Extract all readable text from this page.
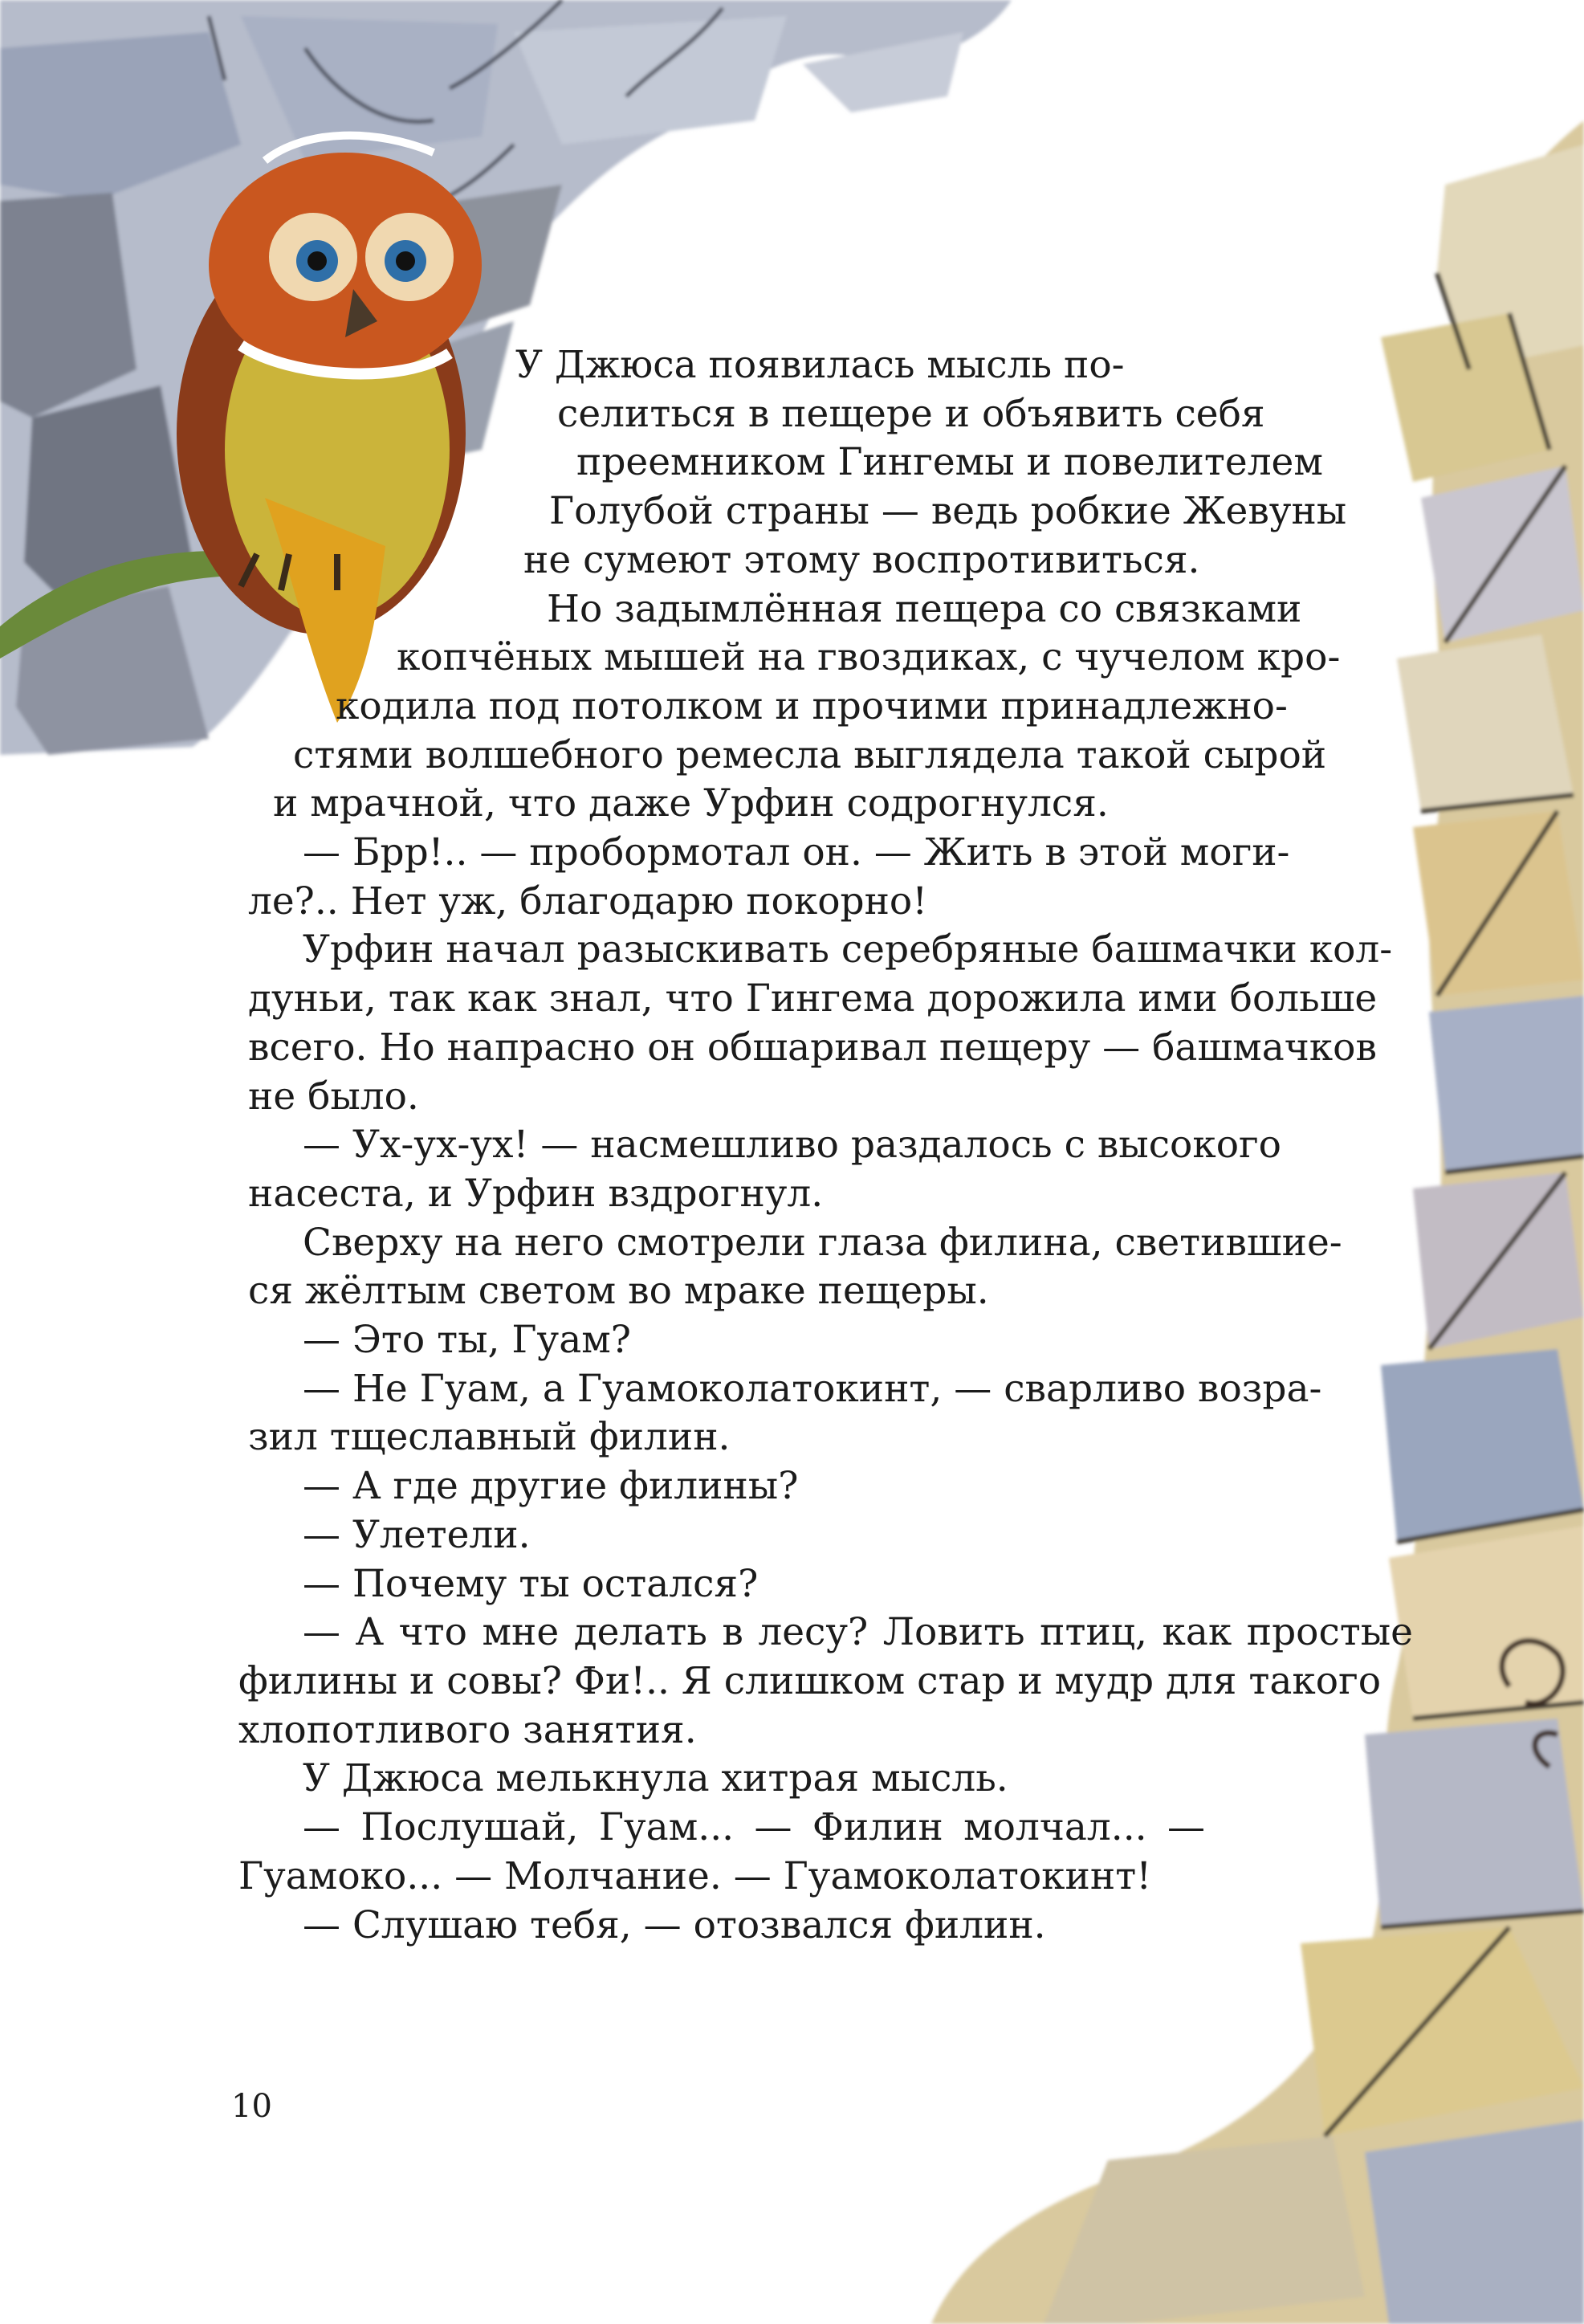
У Джюса появилась мысль по-

селиться в пещере и объявить себя

преемником Гингемы и повелителем

Голубой страны — ведь робкие Жевуны

не сумеют этому воспротивиться.

Но задымлённая пещера со связками

копчёных мышей на гвоздиках, с чучелом кро-

кодила под потолком и прочими принадлежно-

стями волшебного ремесла выглядела такой сырой

и мрачной, что даже Урфин содрогнулся.

— Брр!.. — пробормотал он. — Жить в этой моги-

ле?.. Нет уж, благодарю покорно!

Урфин начал разыскивать серебряные башмачки кол-

дуньи, так как знал, что Гингема дорожила ими больше

всего. Но напрасно он обшаривал пещеру — башмачков

не было.

— Ух-ух-ух! — насмешливо раздалось с высокого

насеста, и Урфин вздрогнул.

Сверху на него смотрели глаза филина, светившие-

ся жёлтым светом во мраке пещеры.

— Это ты, Гуам?

— Не Гуам, а Гуамоколатокинт, — сварливо возра-

зил тщеславный филин.

— А где другие филины?

— Улетели.

— Почему ты остался?

— А что мне делать в лесу? Ловить птиц, как простые

филины и совы? Фи!.. Я слишком стар и мудр для такого

хлопотливого занятия.

У Джюса мелькнула хитрая мысль.

— Послушай, Гуам... — Филин молчал... —

Гуамоко... — Молчание. — Гуамоколатокинт!

— Слушаю тебя, — отозвался филин.

10
